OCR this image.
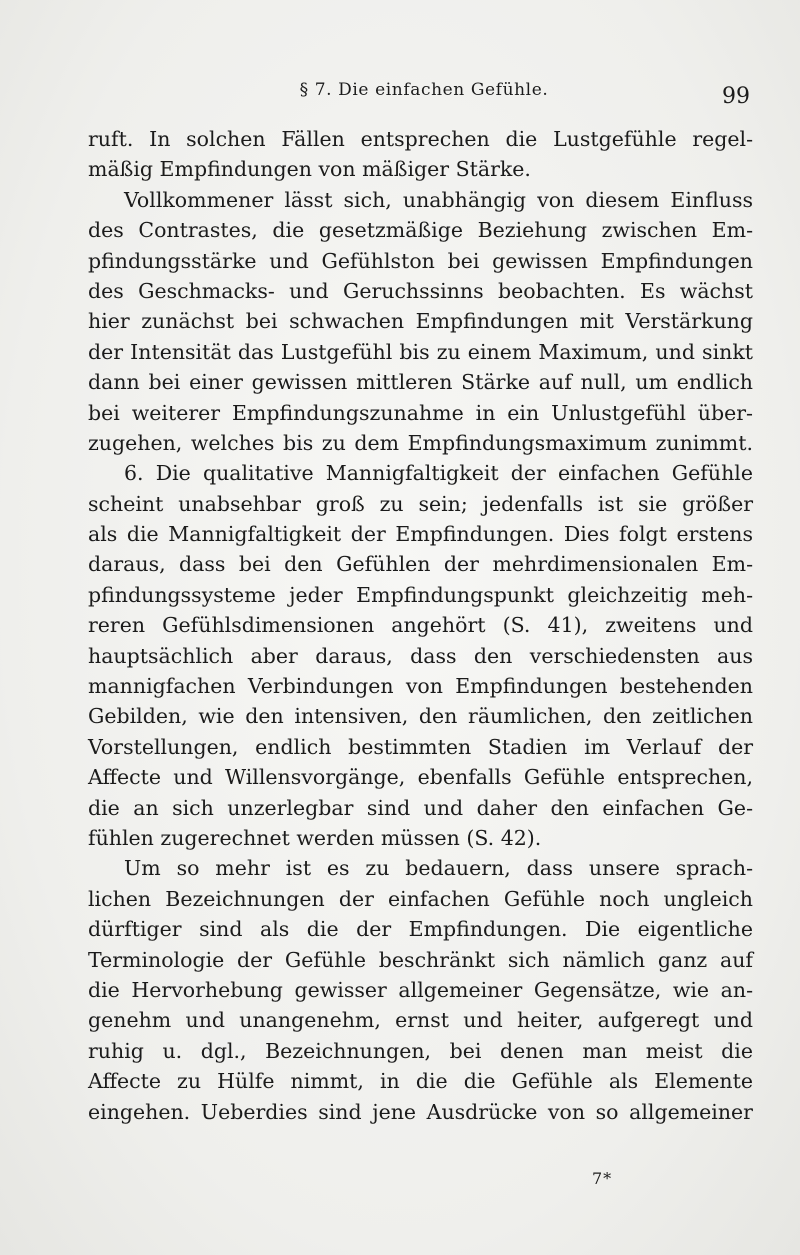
§ 7. Die einfachen Gefühle.	99
ruft. In solchen Fällen entsprechen die Lustgefühle regel-
mäßig Empfindungen von mäßiger Stärke.
Vollkommener lässt sich, unabhängig von diesem Einfluss
des Contrastes, die gesetzmäßige Beziehung zwischen Em-
pfindungsstärke und Gefühlston bei gewissen Empfindungen
des Geschmacks- und Geruchssinns beobachten. Es wächst
hier zunächst bei schwachen Empfindungen mit Verstärkung
der Intensität das Lustgefühl bis zu einem Maximum, und sinkt
dann bei einer gewissen mittleren Stärke auf null, um endlich
bei weiterer Empfindungszunahme in ein Unlustgefühl über-
zugehen, welches bis zu dem Empfindungsmaximum zunimmt.
6. Die qualitative Mannigfaltigkeit der einfachen Gefühle
scheint unabsehbar groß zu sein; jedenfalls ist sie größer
als die Mannigfaltigkeit der Empfindungen. Dies folgt erstens
daraus, dass bei den Gefühlen der mehrdimensionalen Em-
pfindungssysteme jeder Empfindungspunkt gleichzeitig meh-
reren Gefühlsdimensionen angehört (S. 41), zweitens und
hauptsächlich aber daraus, dass den verschiedensten aus
mannigfachen Verbindungen von Empfindungen bestehenden
Gebilden, wie den intensiven, den räumlichen, den zeitlichen
Vorstellungen, endlich bestimmten Stadien im Verlauf der
Affecte und Willensvorgänge, ebenfalls Gefühle entsprechen,
die an sich unzerlegbar sind und daher den einfachen Ge-
fühlen zugerechnet werden müssen (S. 42).
Um so mehr ist es zu bedauern, dass unsere sprach-
lichen Bezeichnungen der einfachen Gefühle noch ungleich
dürftiger sind als die der Empfindungen. Die eigentliche
Terminologie der Gefühle beschränkt sich nämlich ganz auf
die Hervorhebung gewisser allgemeiner Gegensätze, wie an-
genehm und unangenehm, ernst und heiter, aufgeregt und
ruhig u. dgl., Bezeichnungen, bei denen man meist die
Affecte zu Hülfe nimmt, in die die Gefühle als Elemente
eingehen. Ueberdies sind jene Ausdrücke von so allgemeiner
7*
